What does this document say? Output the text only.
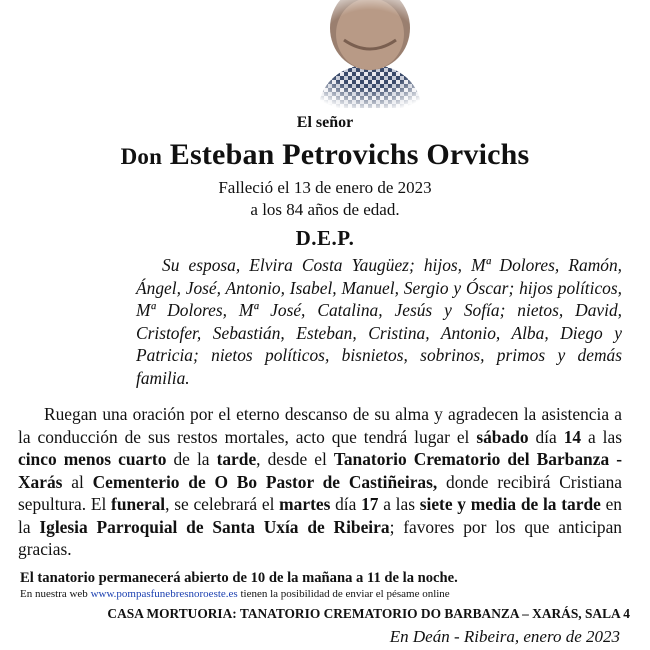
El señor
Don Esteban Petrovichs Orvichs
Falleció el 13 de enero de 2023
a los 84 años de edad.
D.E.P.
Su esposa, Elvira Costa Yaugüez; hijos, Mª Dolores, Ramón, Ángel, José, Antonio, Isabel, Manuel, Sergio y Óscar; hijos políticos, Mª Dolores, Mª José, Catalina, Jesús y Sofía; nietos, David, Cristofer, Sebastián, Esteban, Cristina, Antonio, Alba, Diego y Patricia; nietos políticos, bisnietos, sobrinos, primos y demás familia.
Ruegan una oración por el eterno descanso de su alma y agradecen la asistencia a la conducción de sus restos mortales, acto que tendrá lugar el sábado día 14 a las cinco menos cuarto de la tarde, desde el Tanatorio Crematorio del Barbanza - Xarás al Cementerio de O Bo Pastor de Castiñeiras, donde recibirá Cristiana sepultura. El funeral, se celebrará el martes día 17 a las siete y media de la tarde en la Iglesia Parroquial de Santa Uxía de Ribeira; favores por los que anticipan gracias.
El tanatorio permanecerá abierto de 10 de la mañana a 11 de la noche.
En nuestra web www.pompasfunebresnoroeste.es tienen la posibilidad de enviar el pésame online
CASA MORTUORIA: TANATORIO CREMATORIO DO BARBANZA – XARÁS, SALA 4
En Deán - Ribeira, enero de 2023
